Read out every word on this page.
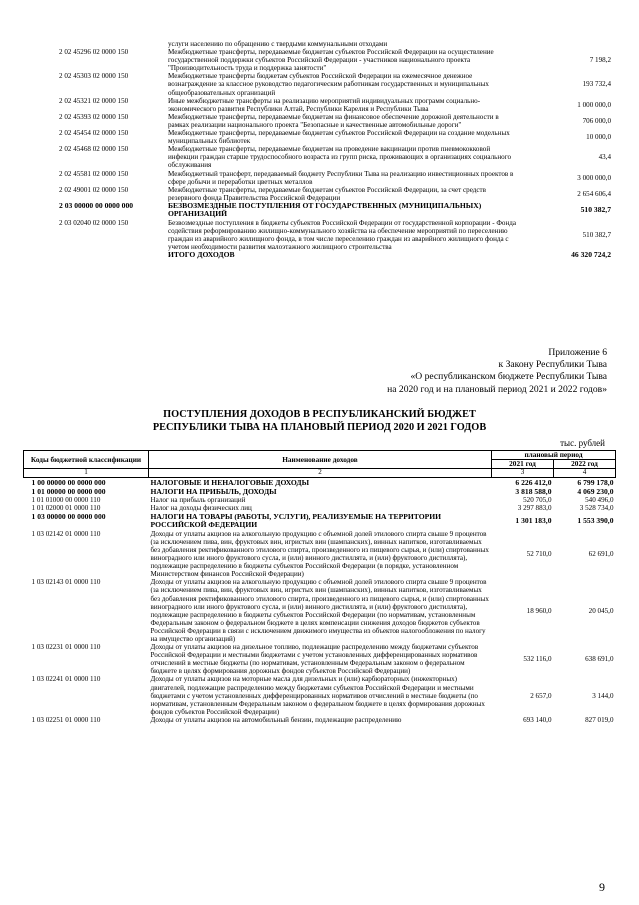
	услуги населению по обращению с твердыми коммунальными отходами	
2 02 45296 02 0000 150	Межбюджетные трансферты, передаваемые бюджетам субъектов Российской Федерации на осуществление государственной поддержки субъектов Российской Федерации - участников национального проекта "Производительность труда и поддержка занятости"	7 198,2
2 02 45303 02 0000 150	Межбюджетные трансферты бюджетам субъектов Российской Федерации на ежемесячное денежное вознаграждение за классное руководство педагогическим работникам государственных и муниципальных общеобразовательных организаций	193 732,4
2 02 45321 02 0000 150	Иные межбюджетные трансферты на реализацию мероприятий индивидуальных программ социально-экономического развития Республики Алтай, Республики Карелия и Республики Тыва	1 000 000,0
2 02 45393 02 0000 150	Межбюджетные трансферты, передаваемые бюджетам на финансовое обеспечение дорожной деятельности в рамках реализации национального проекта "Безопасные и качественные автомобильные дороги"	706 000,0
2 02 45454 02 0000 150	Межбюджетные трансферты, передаваемые бюджетам субъектов Российской Федерации на создание модельных муниципальных библиотек	10 000,0
2 02 45468 02 0000 150	Межбюджетные трансферты, передаваемые бюджетам на проведение вакцинации против пневмококковой инфекции граждан старше трудоспособного возраста из групп риска, проживающих в организациях социального обслуживания	43,4
2 02 45581 02 0000 150	Межбюджетный трансферт, передаваемый бюджету Республики Тыва на реализацию инвестиционных проектов в сфере добычи и переработки цветных металлов	3 000 000,0
2 02 49001 02 0000 150	Межбюджетные трансферты, передаваемые бюджетам субъектов Российской Федерации, за счет средств резервного фонда Правительства Российской Федерации	2 654 606,4
2 03 00000 00 0000 000	БЕЗВОЗМЕЗДНЫЕ ПОСТУПЛЕНИЯ ОТ ГОСУДАРСТВЕННЫХ (МУНИЦИПАЛЬНЫХ) ОРГАНИЗАЦИЙ	510 382,7
2 03 02040 02 0000 150	Безвозмездные поступления в бюджеты субъектов Российской Федерации от государственной корпорации - Фонда содействия реформированию жилищно-коммунального хозяйства на обеспечение мероприятий по переселению граждан из аварийного жилищного фонда, в том числе переселению граждан из аварийного жилищного фонда с учетом необходимости развития малоэтажного жилищного строительства	510 382,7
	ИТОГО ДОХОДОВ	46 320 724,2
Приложение 6
к Закону Республики Тыва
«О республиканском бюджете Республики Тыва
на 2020 год и на плановый период 2021 и 2022 годов»
ПОСТУПЛЕНИЯ ДОХОДОВ В РЕСПУБЛИКАНСКИЙ БЮДЖЕТ
РЕСПУБЛИКИ ТЫВА НА ПЛАНОВЫЙ ПЕРИОД 2020 И 2021 ГОДОВ
тыс. рублей
Коды бюджетной классификации	Наименование доходов	плановый период	
		2021 год	2022 год
1	2	3	4
1 00 00000 00 0000 000	НАЛОГОВЫЕ И НЕНАЛОГОВЫЕ ДОХОДЫ	6 226 412,0	6 799 178,0
1 01 00000 00 0000 000	НАЛОГИ НА ПРИБЫЛЬ, ДОХОДЫ	3 818 588,0	4 069 230,0
1 01 01000 00 0000 110	Налог на прибыль организаций	520 705,0	540 496,0
1 01 02000 01 0000 110	Налог на доходы физических лиц	3 297 883,0	3 528 734,0
1 03 00000 00 0000 000	НАЛОГИ НА ТОВАРЫ (РАБОТЫ, УСЛУГИ), РЕАЛИЗУЕМЫЕ НА ТЕРРИТОРИИ РОССИЙСКОЙ ФЕДЕРАЦИИ	1 301 183,0	1 553 390,0
1 03 02142 01 0000 110	Доходы от уплаты акцизов на алкогольную продукцию с объемной долей этилового спирта свыше 9 процентов (за исключением пива, вин, фруктовых вин, игристых вин (шампанских), винных напитков, изготавливаемых без добавления ректификованного этилового спирта, произведенного из пищевого сырья, и (или) спиртованных виноградного или иного фруктового сусла, и (или) винного дистиллята, и (или) фруктового дистиллята), подлежащие распределению в бюджеты субъектов Российской Федерации (в порядке, установленном Министерством финансов Российской Федерации)	52 710,0	62 691,0
1 03 02143 01 0000 110	Доходы от уплаты акцизов на алкогольную продукцию с объемной долей этилового спирта свыше 9 процентов (за исключением пива, вин, фруктовых вин, игристых вин (шампанских), винных напитков, изготавливаемых без добавления ректификованного этилового спирта, произведенного из пищевого сырья, и (или) спиртованных виноградного или иного фруктового сусла, и (или) винного дистиллята, и (или) фруктового дистиллята), подлежащие распределению в бюджеты субъектов Российской Федерации (по нормативам, установленным Федеральным законом о федеральном бюджете в целях компенсации снижения доходов бюджетов субъектов Российской Федерации в связи с исключением движимого имущества из объектов налогообложения по налогу на имущество организаций)	18 960,0	20 045,0
1 03 02231 01 0000 110	Доходы от уплаты акцизов на дизельное топливо, подлежащие распределению между бюджетами субъектов Российской Федерации и местными бюджетами с учетом установленных дифференцированных нормативов отчислений в местные бюджеты (по нормативам, установленным Федеральным законом о федеральном бюджете в целях формирования дорожных фондов субъектов Российской Федерации)	532 116,0	638 691,0
1 03 02241 01 0000 110	Доходы от уплаты акцизов на моторные масла для дизельных и (или) карбюраторных (инжекторных) двигателей, подлежащие распределению между бюджетами субъектов Российской Федерации и местными бюджетами с учетом установленных дифференцированных нормативов отчислений в местные бюджеты (по нормативам, установленным Федеральным законом о федеральном бюджете в целях формирования дорожных фондов субъектов Российской Федерации)	2 657,0	3 144,0
1 03 02251 01 0000 110	Доходы от уплаты акцизов на автомобильный бензин, подлежащие распределению	693 140,0	827 019,0
9
